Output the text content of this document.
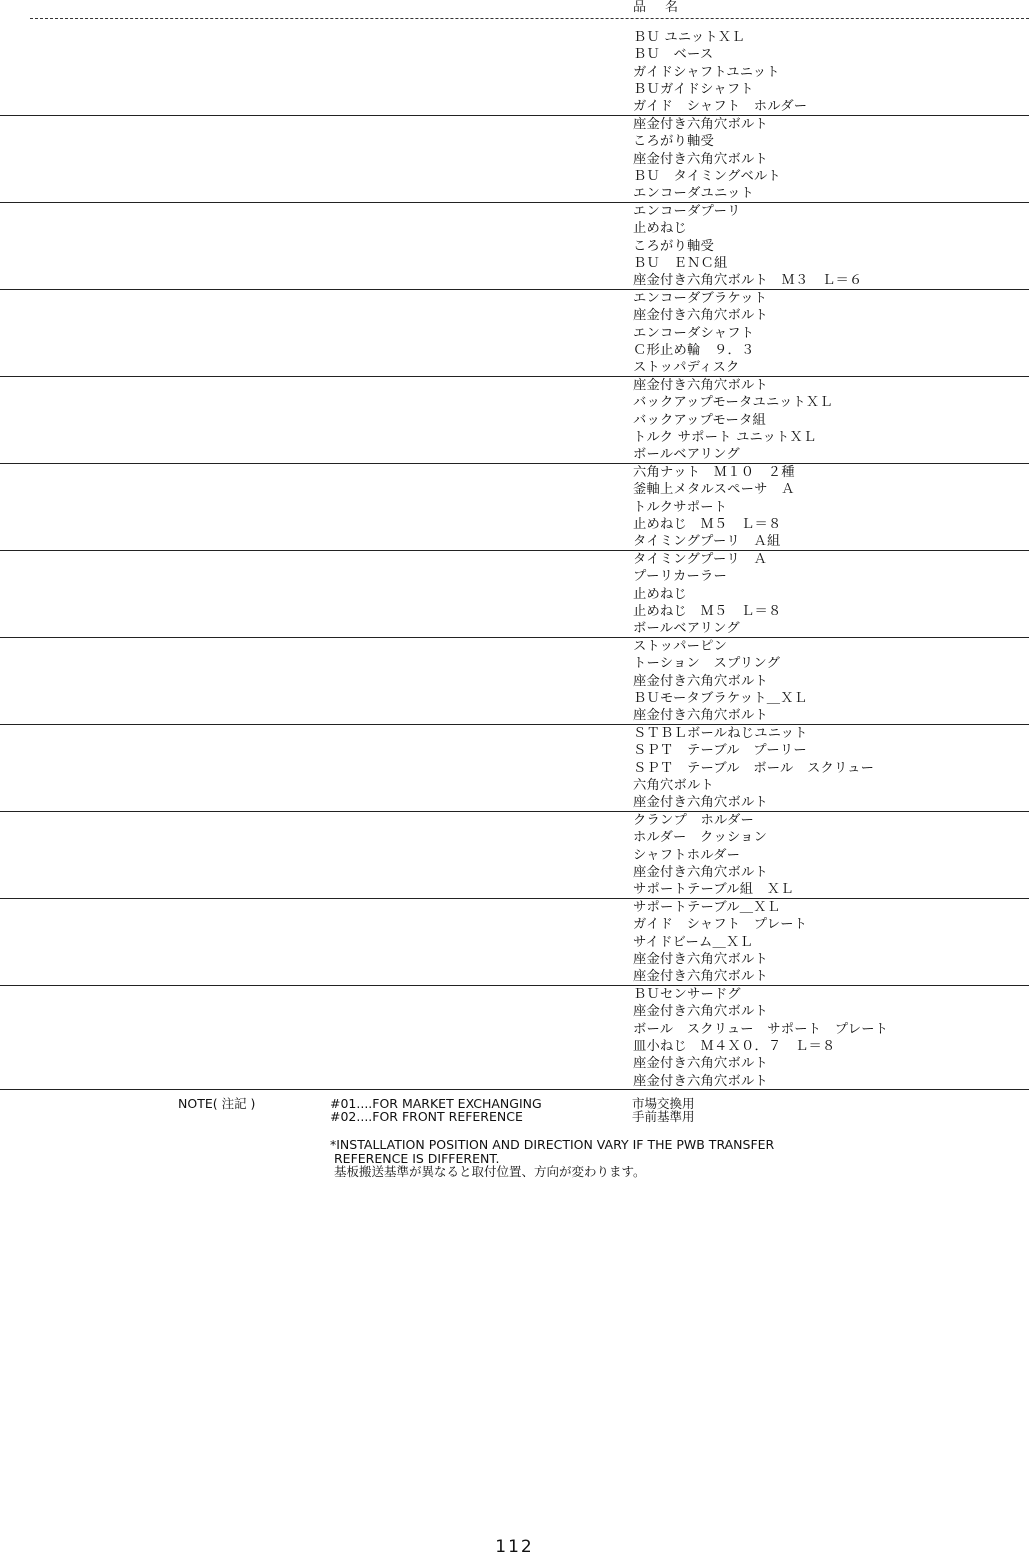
品　名
ＢＵ ユニットＸＬ
ＢＵ　ベース
ガイドシャフトユニット
ＢＵガイドシャフト
ガイド　シャフト　ホルダー
座金付き六角穴ボルト
ころがり軸受
座金付き六角穴ボルト
ＢＵ　タイミングベルト
エンコーダユニット
エンコーダプーリ
止めねじ
ころがり軸受
ＢＵ　ＥＮＣ組
座金付き六角穴ボルト　Ｍ３　Ｌ＝６
エンコーダブラケット
座金付き六角穴ボルト
エンコーダシャフト
Ｃ形止め輪　９．３
ストッパディスク
座金付き六角穴ボルト
バックアップモータユニットＸＬ
バックアップモータ組
トルク サポート ユニットＸＬ
ボールベアリング
六角ナット　Ｍ１０　２種
釜軸上メタルスペーサ　Ａ
トルクサポート
止めねじ　Ｍ５　Ｌ＝８
タイミングプーリ　Ａ組
タイミングプーリ　Ａ
プーリカーラー
止めねじ
止めねじ　Ｍ５　Ｌ＝８
ボールベアリング
ストッパーピン
トーション　スプリング
座金付き六角穴ボルト
ＢＵモータブラケット＿ＸＬ
座金付き六角穴ボルト
ＳＴＢＬボールねじユニット
ＳＰＴ　テーブル　プーリー
ＳＰＴ　テーブル　ボール　スクリュー
六角穴ボルト
座金付き六角穴ボルト
クランプ　ホルダー
ホルダー　クッション
シャフトホルダー
座金付き六角穴ボルト
サポートテーブル組　ＸＬ
サポートテーブル＿ＸＬ
ガイド　シャフト　プレート
サイドビーム＿ＸＬ
座金付き六角穴ボルト
座金付き六角穴ボルト
ＢＵセンサードグ
座金付き六角穴ボルト
ボール　スクリュー　サポート　プレート
皿小ねじ　Ｍ４Ｘ０．７　Ｌ＝８
座金付き六角穴ボルト
座金付き六角穴ボルト
NOTE( 注記 )	#01....FOR MARKET EXCHANGING
#02....FOR FRONT REFERENCE
市場交換用
手前基準用
*INSTALLATION POSITION AND DIRECTION VARY IF THE PWB TRANSFER
REFERENCE IS DIFFERENT.
基板搬送基準が異なると取付位置、方向が変わります。
112
